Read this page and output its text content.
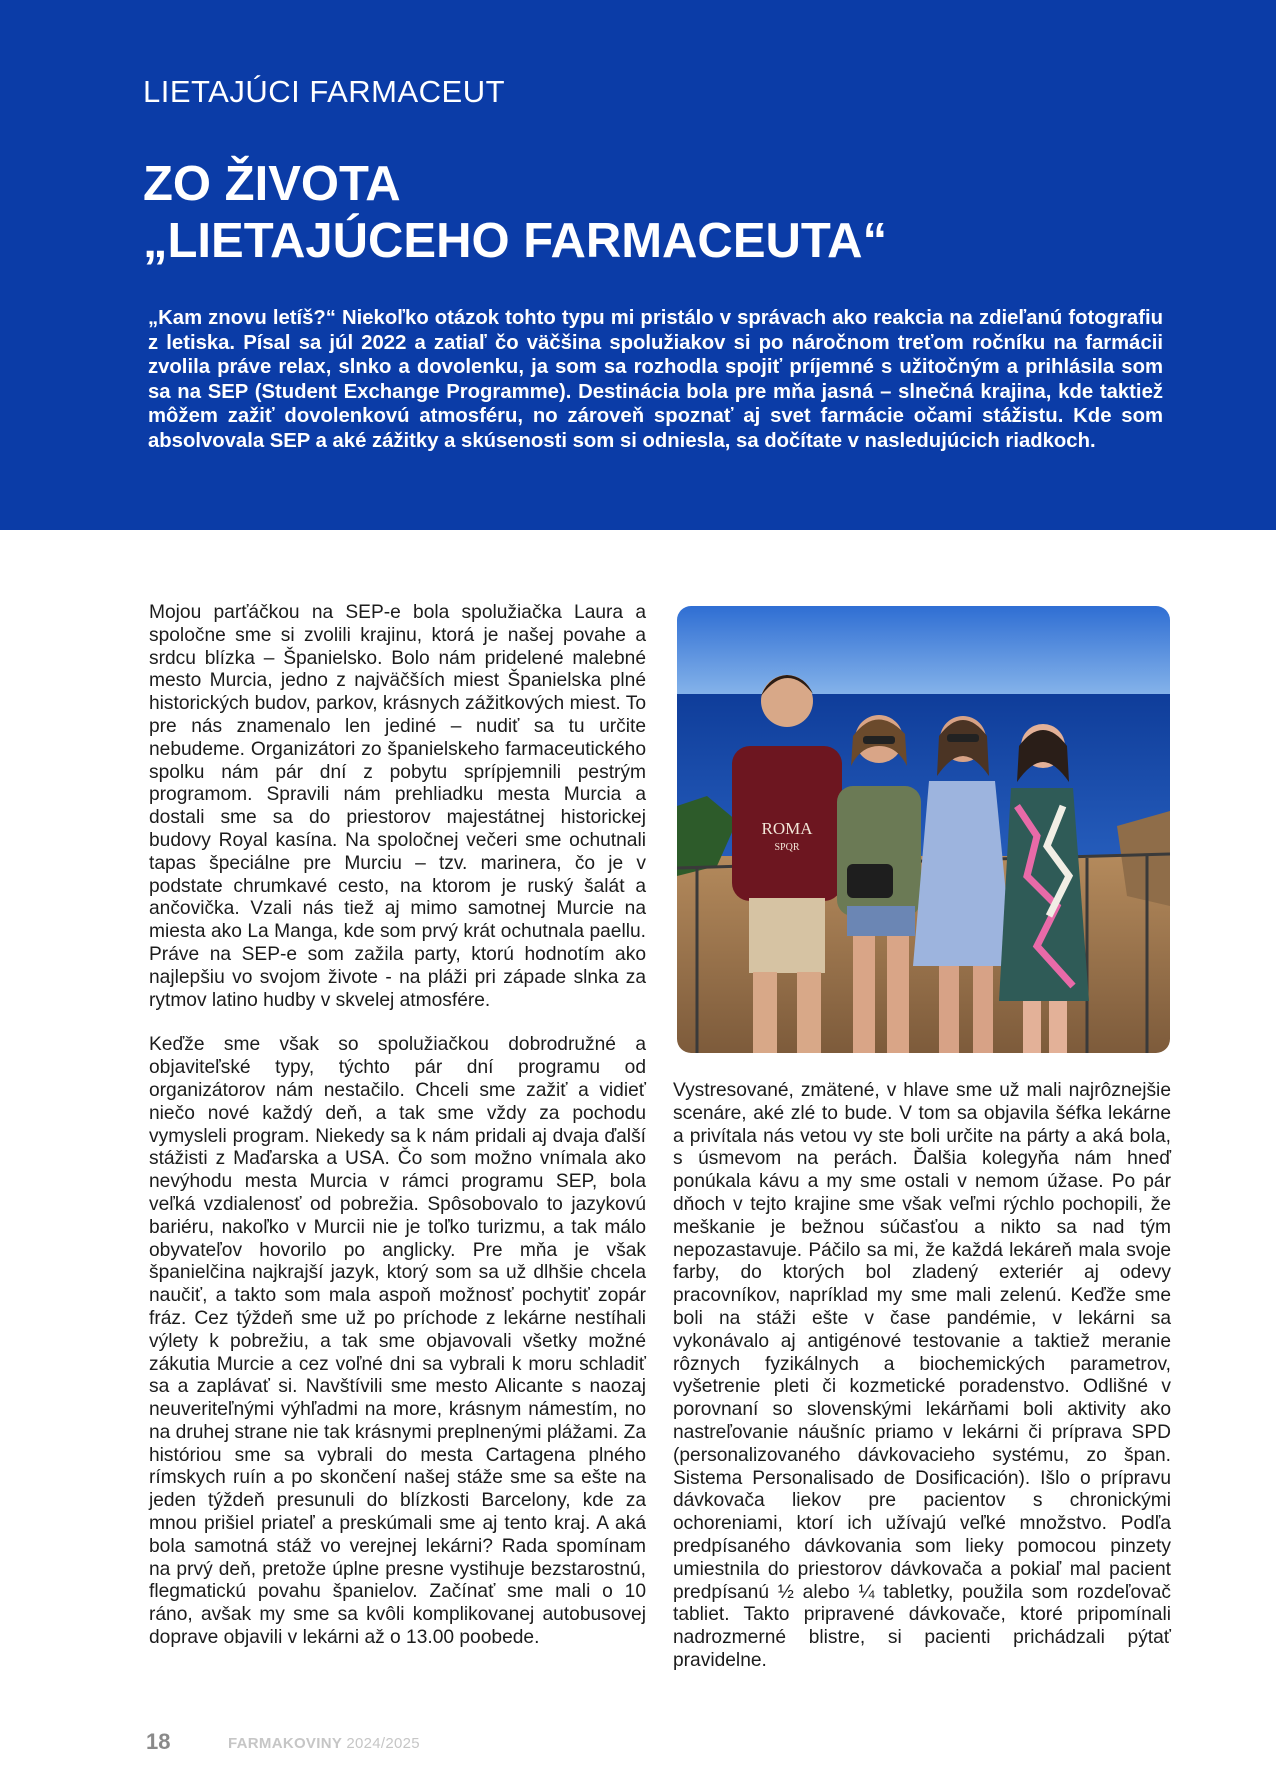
LIETAJÚCI FARMACEUT
ZO ŽIVOTA
„LIETAJÚCEHO FARMACEUTA“

„Kam znovu letíš?“ Niekoľko otázok tohto typu mi pristálo v správach ako reakcia na zdieľanú fotografiu z letiska. Písal sa júl 2022 a zatiaľ čo väčšina spolužiakov si po náročnom treťom ročníku na farmácii zvolila práve relax, slnko a dovolenku, ja som sa rozhodla spojiť príjemné s užitočným a prihlásila som sa na SEP (Student Exchange Programme). Destinácia bola pre mňa jasná – slnečná krajina, kde taktiež môžem zažiť dovolenkovú atmosféru, no zároveň spoznať aj svet farmácie očami stážistu. Kde som absolvovala SEP a aké zážitky a skúsenosti som si odniesla, sa dočítate v nasledujúcich riadkoch.

Mojou parťáčkou na SEP-e bola spolužiačka Laura a spoločne sme si zvolili krajinu, ktorá je našej povahe a srdcu blízka – Španielsko. Bolo nám pridelené malebné mesto Murcia, jedno z najväčších miest Španielska plné historických budov, parkov, krásnych zážitkových miest. To pre nás znamenalo len jediné – nudiť sa tu určite nebudeme. Organizátori zo španielskeho farmaceutického spolku nám pár dní z pobytu sprípjemnili pestrým programom. Spravili nám prehliadku mesta Murcia a dostali sme sa do priestorov majestátnej historickej budovy Royal kasína. Na spoločnej večeri sme ochutnali tapas špeciálne pre Murciu – tzv. marinera, čo je v podstate chrumkavé cesto, na ktorom je ruský šalát a ančovička. Vzali nás tiež aj mimo samotnej Murcie na miesta ako La Manga, kde som prvý krát ochutnala paellu. Práve na SEP-e som zažila party, ktorú hodnotím ako najlepšiu vo svojom živote - na pláži pri západe slnka za rytmov latino hudby v skvelej atmosfére.

Keďže sme však so spolužiačkou dobrodružné a objaviteľské typy, týchto pár dní programu od organizátorov nám nestačilo. Chceli sme zažiť a vidieť niečo nové každý deň, a tak sme vždy za pochodu vymysleli program. Niekedy sa k nám pridali aj dvaja ďalší stážisti z Maďarska a USA. Čo som možno vnímala ako nevýhodu mesta Murcia v rámci programu SEP, bola veľká vzdialenosť od pobrežia. Spôsobovalo to jazykovú bariéru, nakoľko v Murcii nie je toľko turizmu, a tak málo obyvateľov hovorilo po anglicky. Pre mňa je však španielčina najkrajší jazyk, ktorý som sa už dlhšie chcela naučiť, a takto som mala aspoň možnosť pochytiť zopár fráz. Cez týždeň sme už po príchode z lekárne nestíhali výlety k pobrežiu, a tak sme objavovali všetky možné zákutia Murcie a cez voľné dni sa vybrali k moru schladiť sa a zaplávať si. Navštívili sme mesto Alicante s naozaj neuveriteľnými výhľadmi na more, krásnym námestím, no na druhej strane nie tak krásnymi preplnenými plážami. Za históriou sme sa vybrali do mesta Cartagena plného rímskych ruín a po skončení našej stáže sme sa ešte na jeden týždeň presunuli do blízkosti Barcelony, kde za mnou prišiel priateľ a preskúmali sme aj tento kraj. A aká bola samotná stáž vo verejnej lekárni? Rada spomínam na prvý deň, pretože úplne presne vystihuje bezstarostnú, flegmatickú povahu španielov. Začínať sme mali o 10 ráno, avšak my sme sa kvôli komplikovanej autobusovej doprave objavili v lekárni až o 13.00 poobede.

ROMA
SPQR

Vystresované, zmätené, v hlave sme už mali najrôznejšie scenáre, aké zlé to bude. V tom sa objavila šéfka lekárne a privítala nás vetou vy ste boli určite na párty a aká bola, s úsmevom na perách. Ďalšia kolegyňa nám hneď ponúkala kávu a my sme ostali v nemom úžase. Po pár dňoch v tejto krajine sme však veľmi rýchlo pochopili, že meškanie je bežnou súčasťou a nikto sa nad tým nepozastavuje. Páčilo sa mi, že každá lekáreň mala svoje farby, do ktorých bol zladený exteriér aj odevy pracovníkov, napríklad my sme mali zelenú. Keďže sme boli na stáži ešte v čase pandémie, v lekárni sa vykonávalo aj antigénové testovanie a taktiež meranie rôznych fyzikálnych a biochemických parametrov, vyšetrenie pleti či kozmetické poradenstvo. Odlišné v porovnaní so slovenskými lekárňami boli aktivity ako nastreľovanie náušníc priamo v lekárni či príprava SPD (personalizovaného dávkovacieho systému, zo špan. Sistema Personalisado de Dosificación). Išlo o prípravu dávkovača liekov pre pacientov s chronickými ochoreniami, ktorí ich užívajú veľké množstvo. Podľa predpísaného dávkovania som lieky pomocou pinzety umiestnila do priestorov dávkovača a pokiaľ mal pacient predpísanú ½ alebo ¼ tabletky, použila som rozdeľovač tabliet. Takto pripravené dávkovače, ktoré pripomínali nadrozmerné blistre, si pacienti prichádzali pýtať pravidelne.

18	FARMAKOVINY 2024/2025
